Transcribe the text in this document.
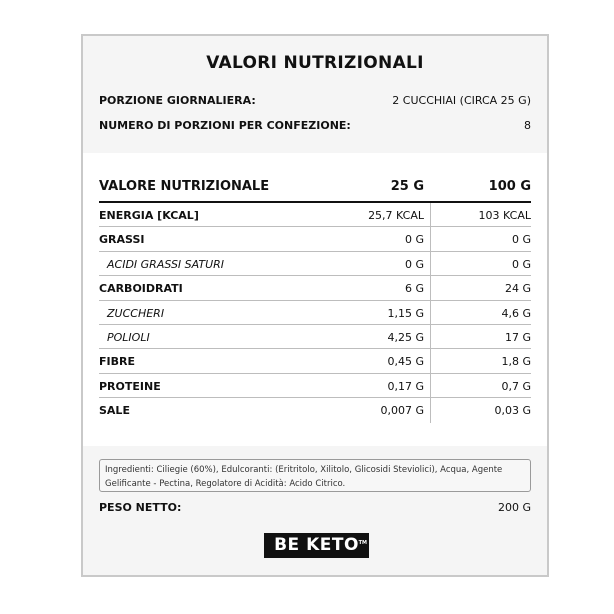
VALORI NUTRIZIONALI
PORZIONE GIORNALIERA:	2 CUCCHIAI (CIRCA 25 G)
NUMERO DI PORZIONI PER CONFEZIONE:	8
VALORE NUTRIZIONALE	25 G	100 G
ENERGIA [KCAL]	25,7 KCAL	103 KCAL
GRASSI	0 G	0 G
ACIDI GRASSI SATURI	0 G	0 G
CARBOIDRATI	6 G	24 G
ZUCCHERI	1,15 G	4,6 G
POLIOLI	4,25 G	17 G
FIBRE	0,45 G	1,8 G
PROTEINE	0,17 G	0,7 G
SALE	0,007 G	0,03 G
Ingredienti: Ciliegie (60%), Edulcoranti: (Eritritolo, Xilitolo, Glicosidi Steviolici), Acqua, Agente Gelificante - Pectina, Regolatore di Acidità: Acido Citrico.
PESO NETTO:	200 G
BE KETO TM
